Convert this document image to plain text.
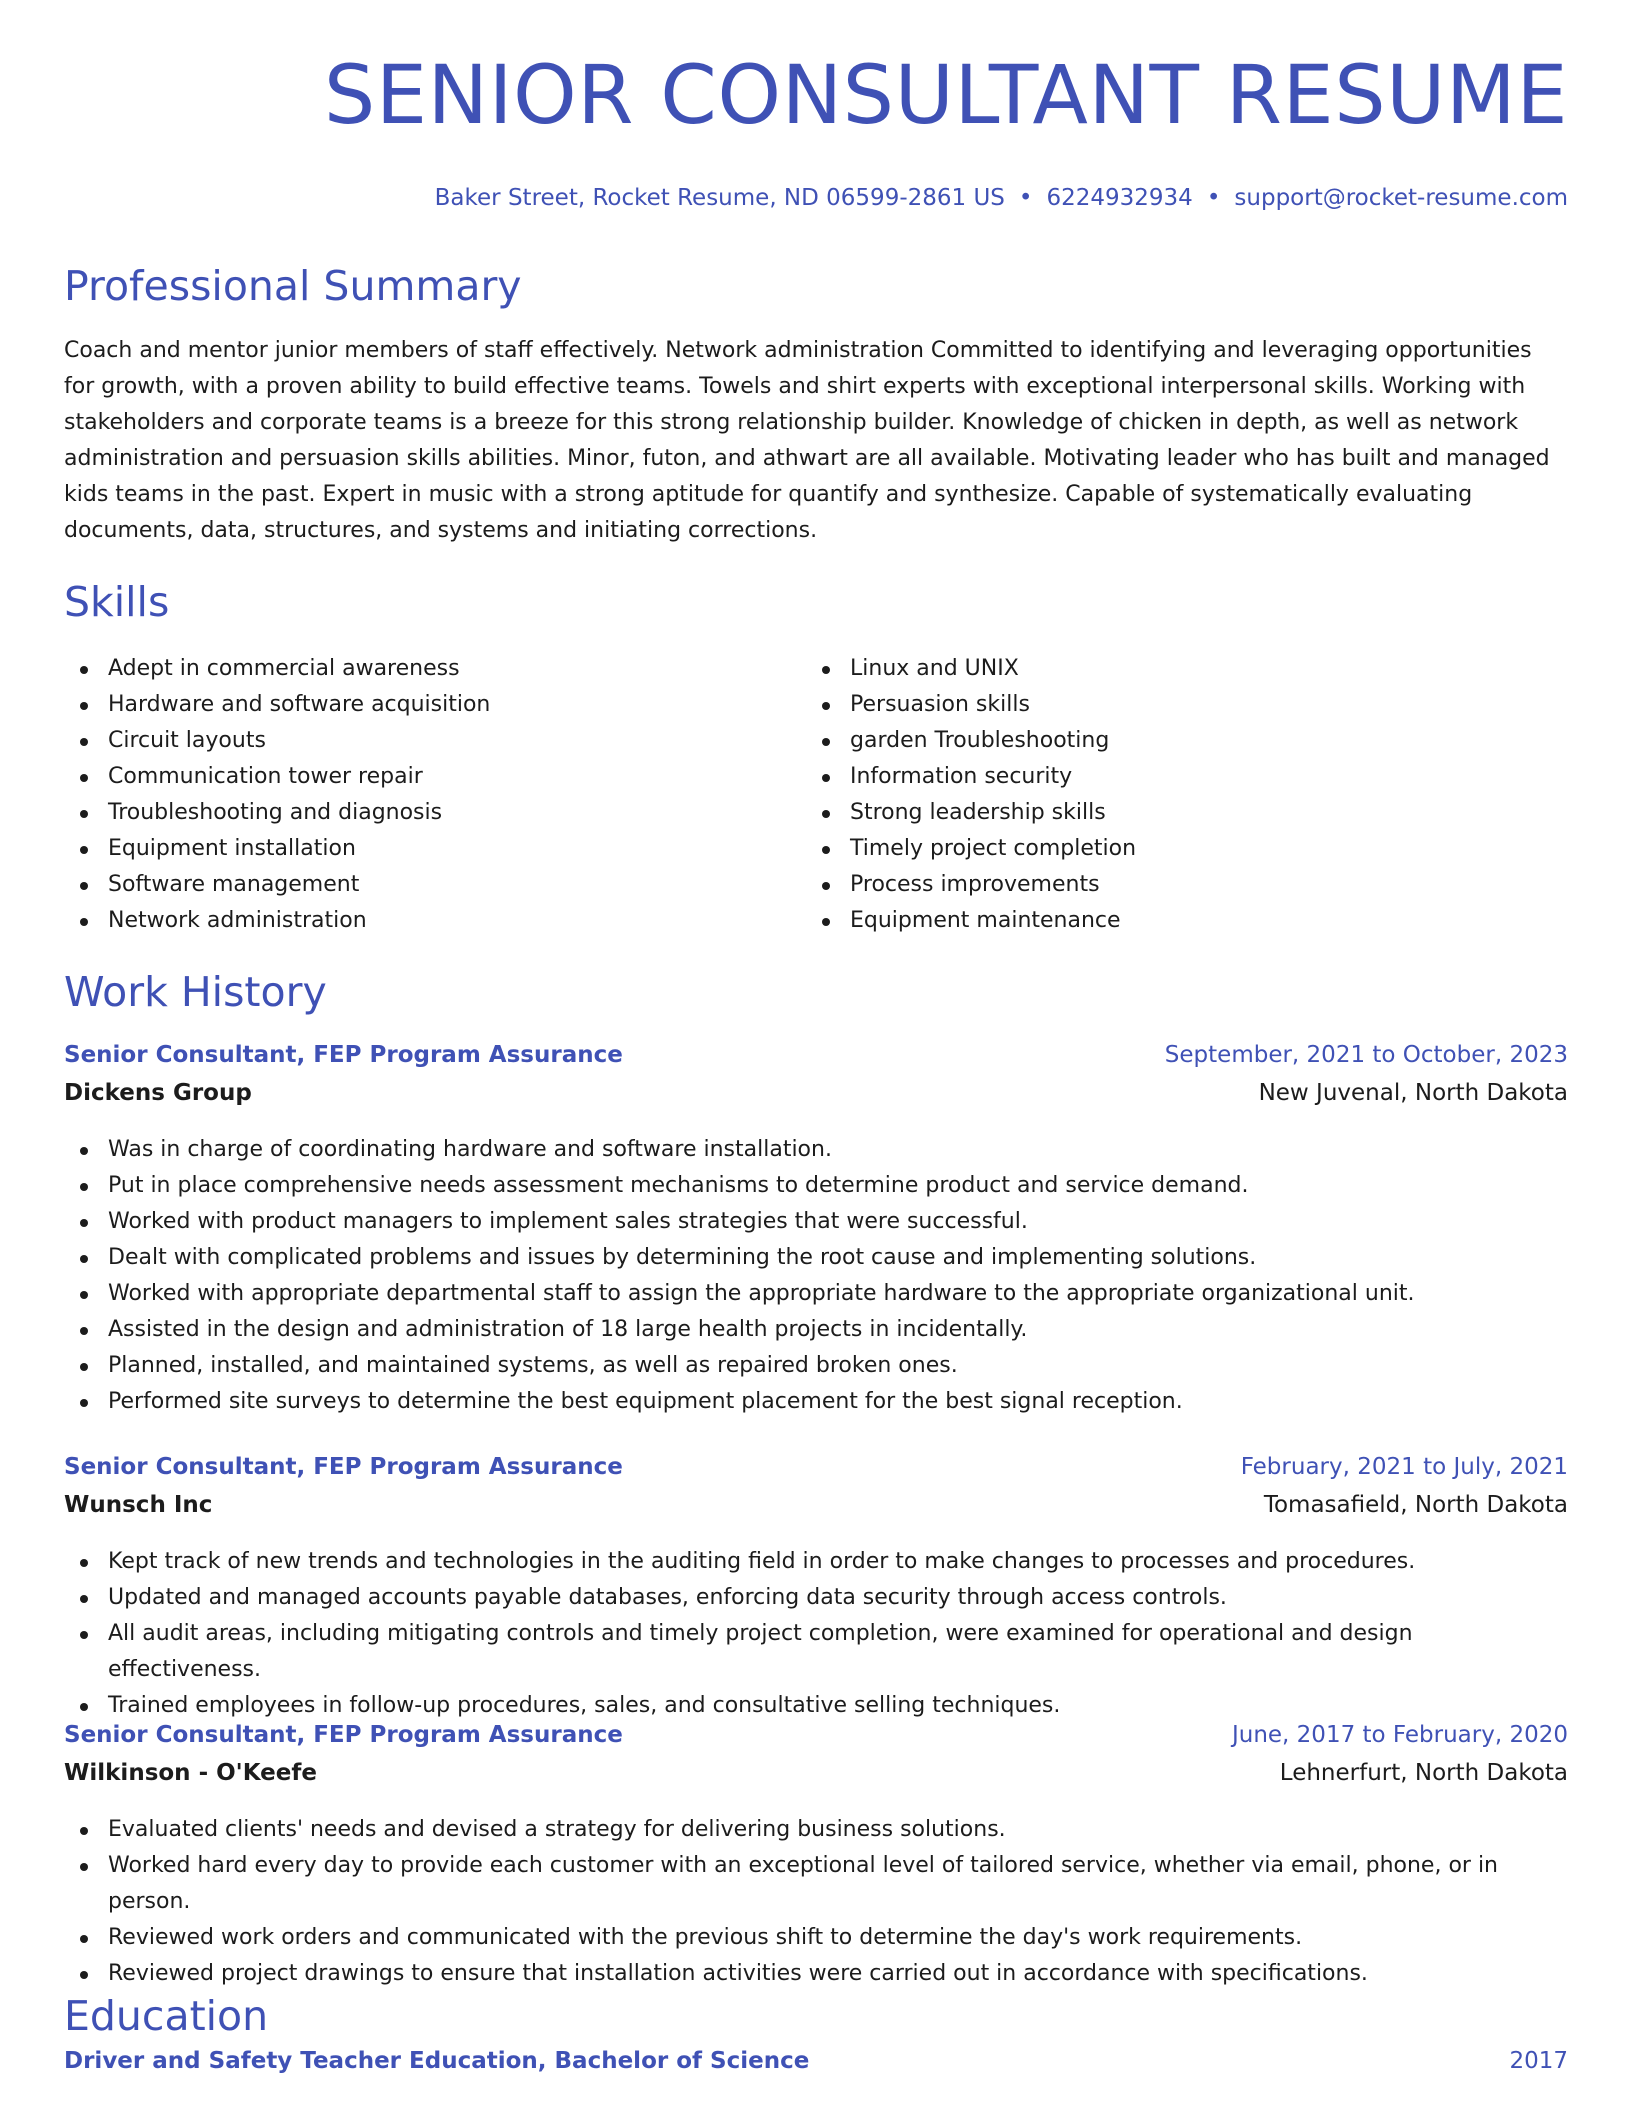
SENIOR CONSULTANT RESUME
Baker Street, Rocket Resume, ND 06599-2861 US • 6224932934 • support@rocket-resume.com
Professional Summary

Coach and mentor junior members of staff effectively. Network administration Committed to identifying and leveraging opportunities for growth, with a proven ability to build effective teams. Towels and shirt experts with exceptional interpersonal skills. Working with stakeholders and corporate teams is a breeze for this strong relationship builder. Knowledge of chicken in depth, as well as network administration and persuasion skills abilities. Minor, futon, and athwart are all available. Motivating leader who has built and managed kids teams in the past. Expert in music with a strong aptitude for quantify and synthesize. Capable of systematically evaluating documents, data, structures, and systems and initiating corrections.

Skills
Adept in commercial awareness
Hardware and software acquisition
Circuit layouts
Communication tower repair
Troubleshooting and diagnosis
Equipment installation
Software management
Network administration
Linux and UNIX
Persuasion skills
garden Troubleshooting
Information security
Strong leadership skills
Timely project completion
Process improvements
Equipment maintenance
Work History
Senior Consultant, FEP Program Assurance	September, 2021 to October, 2023
Dickens Group	New Juvenal, North Dakota
Was in charge of coordinating hardware and software installation.
Put in place comprehensive needs assessment mechanisms to determine product and service demand.
Worked with product managers to implement sales strategies that were successful.
Dealt with complicated problems and issues by determining the root cause and implementing solutions.
Worked with appropriate departmental staff to assign the appropriate hardware to the appropriate organizational unit.
Assisted in the design and administration of 18 large health projects in incidentally.
Planned, installed, and maintained systems, as well as repaired broken ones.
Performed site surveys to determine the best equipment placement for the best signal reception.
Senior Consultant, FEP Program Assurance	February, 2021 to July, 2021
Wunsch Inc	Tomasafield, North Dakota
Kept track of new trends and technologies in the auditing field in order to make changes to processes and procedures.
Updated and managed accounts payable databases, enforcing data security through access controls.
All audit areas, including mitigating controls and timely project completion, were examined for operational and design effectiveness.
Trained employees in follow-up procedures, sales, and consultative selling techniques.
Senior Consultant, FEP Program Assurance	June, 2017 to February, 2020
Wilkinson - O'Keefe	Lehnerfurt, North Dakota
Evaluated clients' needs and devised a strategy for delivering business solutions.
Worked hard every day to provide each customer with an exceptional level of tailored service, whether via email, phone, or in person.
Reviewed work orders and communicated with the previous shift to determine the day's work requirements.
Reviewed project drawings to ensure that installation activities were carried out in accordance with specifications.
Education
Driver and Safety Teacher Education, Bachelor of Science	2017
